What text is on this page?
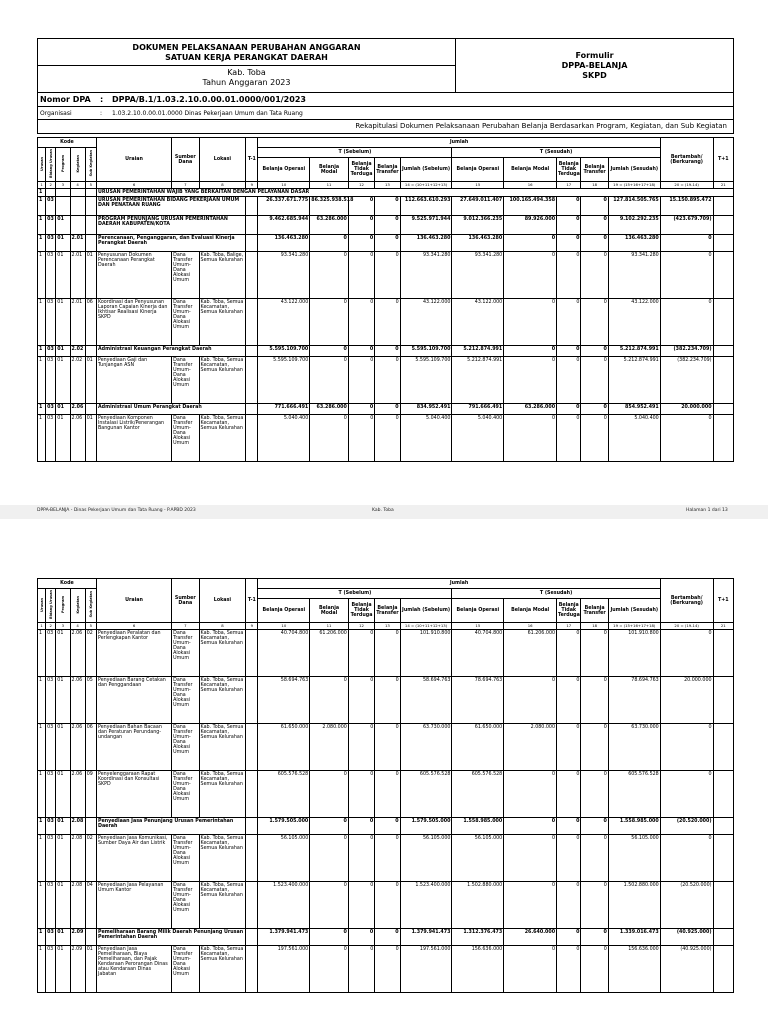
DOKUMEN PELAKSANAAN PERUBAHAN ANGGARAN
SATUAN KERJA PERANGKAT DAERAH
Kab. Toba
Tahun Anggaran 2023
Formulir
DPPA-BELANJA
SKPD
Nomor DPA	:	DPPA/B.1/1.03.2.10.0.00.01.0000/001/2023
Organisasi	:	1.03.2.10.0.00.01.0000 Dinas Pekerjaan Umum dan Tata Ruang
Rekapitulasi Dokumen Pelaksanaan Perubahan Belanja Berdasarkan Program, Kegiatan, dan Sub Kegiatan
Kode					Uraian	Sumber Dana	Lokasi	T-1	Jumlah										Bertambah/ (Berkurang)	T+1
Urusan	Bidang Urusan	Program	Kegiatan	Sub Kegiatan					T (Sebelum)					T (Sesudah)						
									Belanja Operasi	Belanja Modal	Belanja Tidak Terduga	Belanja Transfer	Jumlah (Sebelum)	Belanja Operasi	Belanja Modal	Belanja Tidak Terduga	Belanja Transfer	Jumlah (Sesudah)		
1	2	3	4	5	6	7	8	9	10	11	12	13	14 = (10+11+12+13)	15	16	17	18	19 = (15+16+17+18)	20 = (19-14)	21
1					URUSAN PEMERINTAHAN WAJIB YANG BERKAITAN DENGAN PELAYANAN DASAR															
1	03				URUSAN PEMERINTAHAN BIDANG PEKERJAAN UMUM DAN PENATAAN RUANG				26.337.671.775	86.325.938.518	0	0	112.663.610.293	27.649.011.407	100.165.494.358	0	0	127.814.505.765	15.150.895.472	
1	03	01			PROGRAM PENUNJANG URUSAN PEMERINTAHAN DAERAH KABUPATEN/KOTA				9.462.685.944	63.286.000	0	0	9.525.971.944	9.012.366.235	89.926.000	0	0	9.102.292.235	(423.679.709)	
1	03	01	2.01		Perencanaan, Penganggaran, dan Evaluasi Kinerja Perangkat Daerah				136.463.280	0	0	0	136.463.280	136.463.280	0	0	0	136.463.280	0	
1	03	01	2.01	01	Penyusunan Dokumen Perencanaan Perangkat Daerah	Dana Transfer Umum-Dana Alokasi Umum	Kab. Toba, Balige, Semua Kelurahan		93.341.280	0	0	0	93.341.280	93.341.280	0	0	0	93.341.280	0	
1	03	01	2.01	06	Koordinasi dan Penyusunan Laporan Capaian Kinerja dan Ikhtisar Realisasi Kinerja SKPD	Dana Transfer Umum-Dana Alokasi Umum	Kab. Toba, Semua Kecamatan, Semua Kelurahan		43.122.000	0	0	0	43.122.000	43.122.000	0	0	0	43.122.000	0	
1	03	01	2.02		Administrasi Keuangan Perangkat Daerah				5.595.109.700	0	0	0	5.595.109.700	5.212.874.991	0	0	0	5.212.874.991	(382.234.709)	
1	03	01	2.02	01	Penyediaan Gaji dan Tunjangan ASN	Dana Transfer Umum-Dana Alokasi Umum	Kab. Toba, Semua Kecamatan, Semua Kelurahan		5.595.109.700	0	0	0	5.595.109.700	5.212.874.991	0	0	0	5.212.874.991	(382.234.709)	
1	03	01	2.06		Administrasi Umum Perangkat Daerah				771.666.491	63.286.000	0	0	834.952.491	791.666.491	63.286.000	0	0	854.952.491	20.000.000	
1	03	01	2.06	01	Penyediaan Komponen Instalasi Listrik/Penerangan Bangunan Kantor	Dana Transfer Umum-Dana Alokasi Umum	Kab. Toba, Semua Kecamatan, Semua Kelurahan		5.040.400	0	0	0	5.040.400	5.040.400	0	0	0	5.040.400	0	
DPPA-BELANJA - Dinas Pekerjaan Umum dan Tata Ruang - P.APBD 2023	Kab. Toba	Halaman 1 dari 13
Kode					Uraian	Sumber Dana	Lokasi	T-1	Jumlah										Bertambah/ (Berkurang)	T+1
Urusan	Bidang Urusan	Program	Kegiatan	Sub Kegiatan					T (Sebelum)					T (Sesudah)						
									Belanja Operasi	Belanja Modal	Belanja Tidak Terduga	Belanja Transfer	Jumlah (Sebelum)	Belanja Operasi	Belanja Modal	Belanja Tidak Terduga	Belanja Transfer	Jumlah (Sesudah)		
1	2	3	4	5	6	7	8	9	10	11	12	13	14 = (10+11+12+13)	15	16	17	18	19 = (15+16+17+18)	20 = (19-14)	21
1	03	01	2.06	02	Penyediaan Peralatan dan Perlengkapan Kantor	Dana Transfer Umum-Dana Alokasi Umum	Kab. Toba, Semua Kecamatan, Semua Kelurahan		40.704.800	61.206.000	0	0	101.910.800	40.704.800	61.206.000	0	0	101.910.800	0	
1	03	01	2.06	05	Penyediaan Barang Cetakan dan Penggandaan	Dana Transfer Umum-Dana Alokasi Umum	Kab. Toba, Semua Kecamatan, Semua Kelurahan		58.694.763	0	0	0	58.694.763	78.694.763	0	0	0	78.694.763	20.000.000	
1	03	01	2.06	06	Penyediaan Bahan Bacaan dan Peraturan Perundang-undangan	Dana Transfer Umum-Dana Alokasi Umum	Kab. Toba, Semua Kecamatan, Semua Kelurahan		61.650.000	2.080.000	0	0	63.730.000	61.650.000	2.080.000	0	0	63.730.000	0	
1	03	01	2.06	09	Penyelenggaraan Rapat Koordinasi dan Konsultasi SKPD	Dana Transfer Umum-Dana Alokasi Umum	Kab. Toba, Semua Kecamatan, Semua Kelurahan		605.576.528	0	0	0	605.576.528	605.576.528	0	0	0	605.576.528	0	
1	03	01	2.08		Penyediaan Jasa Penunjang Urusan Pemerintahan Daerah				1.579.505.000	0	0	0	1.579.505.000	1.558.985.000	0	0	0	1.558.985.000	(20.520.000)	
1	03	01	2.08	02	Penyediaan Jasa Komunikasi, Sumber Daya Air dan Listrik	Dana Transfer Umum-Dana Alokasi Umum	Kab. Toba, Semua Kecamatan, Semua Kelurahan		56.105.000	0	0	0	56.105.000	56.105.000	0	0	0	56.105.000	0	
1	03	01	2.08	04	Penyediaan Jasa Pelayanan Umum Kantor	Dana Transfer Umum-Dana Alokasi Umum	Kab. Toba, Semua Kecamatan, Semua Kelurahan		1.523.400.000	0	0	0	1.523.400.000	1.502.880.000	0	0	0	1.502.880.000	(20.520.000)	
1	03	01	2.09		Pemeliharaan Barang Milik Daerah Penunjang Urusan Pemerintahan Daerah				1.379.941.473	0	0	0	1.379.941.473	1.312.376.473	26.640.000	0	0	1.339.016.473	(40.925.000)	
1	03	01	2.09	01	Penyediaan Jasa Pemeliharaan, Biaya Pemeliharaan, dan Pajak Kendaraan Perorangan Dinas atau Kendaraan Dinas Jabatan	Dana Transfer Umum-Dana Alokasi Umum	Kab. Toba, Semua Kecamatan, Semua Kelurahan		197.561.000	0	0	0	197.561.000	156.636.000	0	0	0	156.636.000	(40.925.000)	
